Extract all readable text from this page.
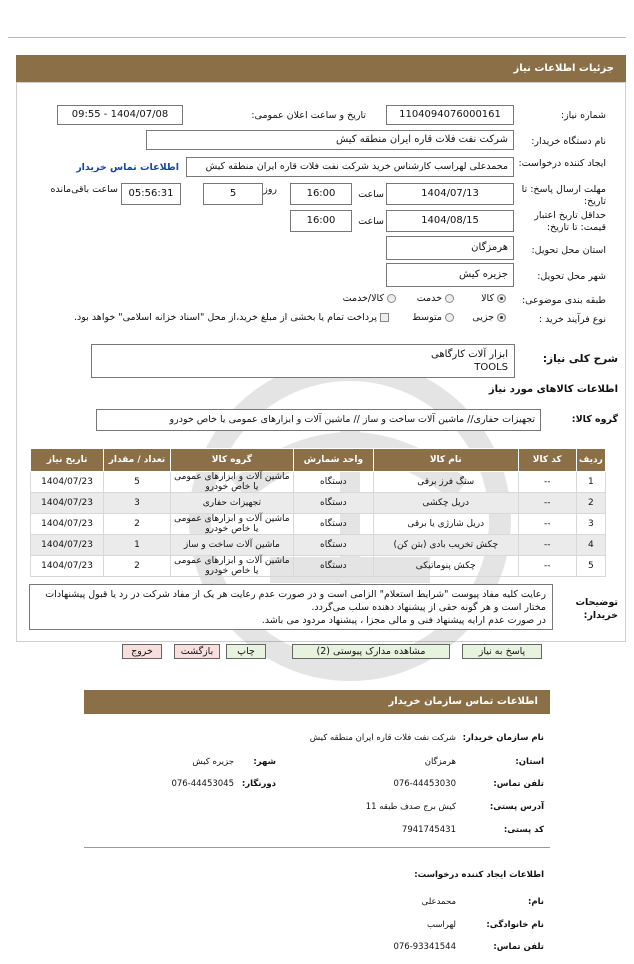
جزئیات اطلاعات نیاز
شماره نیاز:
1104094076000161
تاریخ و ساعت اعلان عمومی:
1404/07/08 - 09:55
نام دستگاه خریدار:
شرکت نفت فلات قاره ایران منطقه کیش
ایجاد کننده درخواست:
محمدعلی لهراسب کارشناس خرید شرکت نفت فلات قاره ایران منطقه کیش
اطلاعات تماس خریدار
مهلت ارسال پاسخ: تا تاریخ:
1404/07/13
ساعت
16:00
روز
5
05:56:31
ساعت باقی‌مانده
حداقل تاریخ اعتبار قیمت: تا تاریخ:
1404/08/15
ساعت
16:00
استان محل تحویل:
هرمزگان
شهر محل تحویل:
جزیره کیش
طبقه بندی موضوعی:
کالا
خدمت
کالا/خدمت
نوع فرآیند خرید :
جزیی
متوسط
پرداخت تمام یا بخشی از مبلغ خرید،از محل "اسناد خزانه اسلامی" خواهد بود.
شرح کلی نیاز:
ابزار آلات کارگاهی
TOOLS
اطلاعات کالاهای مورد نیاز
گروه کالا:
تجهیزات حفاری// ماشین آلات ساخت و ساز // ماشین آلات و ابزارهای عمومی یا خاص خودرو
ردیف	کد کالا	نام کالا	واحد شمارش	گروه کالا	تعداد / مقدار	تاریخ نیاز
1	--	سنگ فرز برقی	دستگاه	ماشین آلات و ابزارهای عمومی یا خاص خودرو	5	1404/07/23
2	--	دریل چکشی	دستگاه	تجهیزات حفاری	3	1404/07/23
3	--	دریل شارژی یا برقی	دستگاه	ماشین آلات و ابزارهای عمومی یا خاص خودرو	2	1404/07/23
4	--	چکش تخریب بادی (بتن کن)	دستگاه	ماشین آلات ساخت و ساز	1	1404/07/23
5	--	چکش پنوماتیکی	دستگاه	ماشین آلات و ابزارهای عمومی یا خاص خودرو	2	1404/07/23
توضیحات خریدار:
رعایت کلیه مفاد پیوست "شرایط استعلام" الزامی است و در صورت عدم رعایت هر یک از مفاد شرکت در رد یا قبول پیشنهادات
مختار است و هر گونه حقی از پیشنهاد دهنده سلب می‌گردد.
در صورت عدم ارایه پیشنهاد فنی و مالی مجزا ، پیشنهاد مردود می باشد.
پاسخ به نیاز
مشاهده مدارک پیوستی (2)
چاپ
بازگشت
خروج
اطلاعات تماس سازمان خریدار
نام سازمان خریدار:
شرکت نفت فلات قاره ایران منطقه کیش
استان:
هرمزگان
شهر:
جزیره کیش
تلفن تماس:
076-44453030
دورنگار:
076-44453045
آدرس پستی:
کیش برج صدف طبقه 11
کد پستی:
7941745431
اطلاعات ایجاد کننده درخواست:
نام:
محمدعلی
نام خانوادگی:
لهراسب
تلفن تماس:
076-93341544
